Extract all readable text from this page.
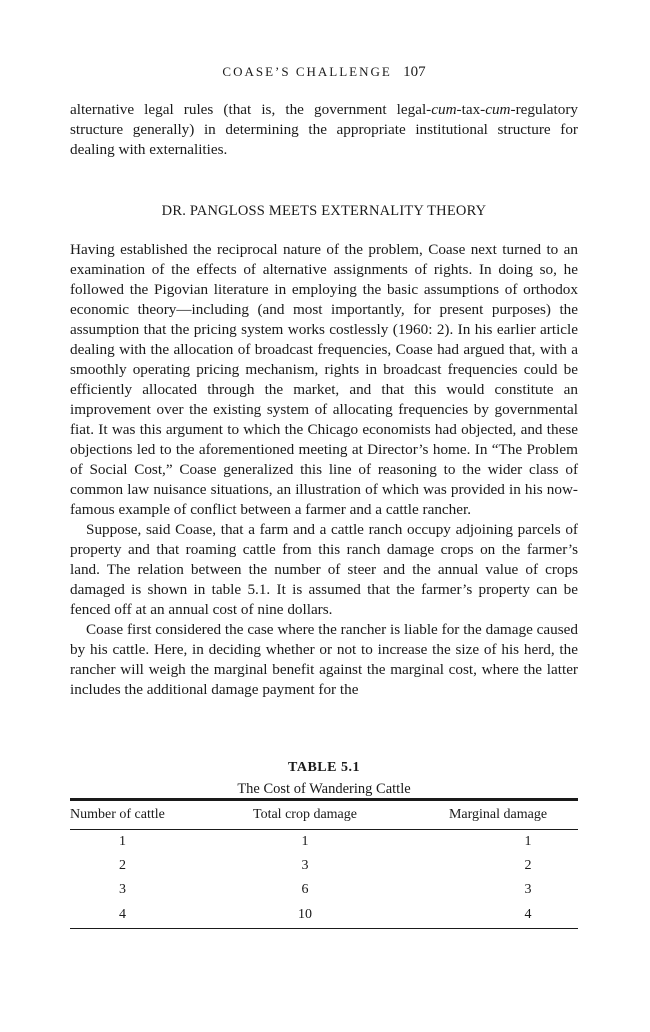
COASE’S CHALLENGE 107

alternative legal rules (that is, the government legal-cum-tax-cum-regulatory structure generally) in determining the appropriate institutional structure for dealing with externalities.

DR. PANGLOSS MEETS EXTERNALITY THEORY

Having established the reciprocal nature of the problem, Coase next turned to an examination of the effects of alternative assignments of rights. In doing so, he followed the Pigovian literature in employing the basic assumptions of orthodox economic theory—including (and most importantly, for present purposes) the assumption that the pricing system works costlessly (1960: 2). In his earlier article dealing with the allocation of broadcast frequencies, Coase had argued that, with a smoothly operating pricing mechanism, rights in broadcast frequencies could be efficiently allocated through the market, and that this would constitute an improvement over the existing system of allocating frequencies by governmental fiat. It was this argument to which the Chicago economists had objected, and these objections led to the aforementioned meeting at Director’s home. In “The Problem of Social Cost,” Coase generalized this line of reasoning to the wider class of common law nuisance situations, an illustration of which was provided in his now-famous example of conflict between a farmer and a cattle rancher.

Suppose, said Coase, that a farm and a cattle ranch occupy adjoining parcels of property and that roaming cattle from this ranch damage crops on the farmer’s land. The relation between the number of steer and the annual value of crops damaged is shown in table 5.1. It is assumed that the farmer’s property can be fenced off at an annual cost of nine dollars.

Coase first considered the case where the rancher is liable for the damage caused by his cattle. Here, in deciding whether or not to increase the size of his herd, the rancher will weigh the marginal benefit against the marginal cost, where the latter includes the additional damage payment for the

TABLE 5.1
The Cost of Wandering Cattle
Number of cattle	Total crop damage	Marginal damage
1	1	1
2	3	2
3	6	3
4	10	4
